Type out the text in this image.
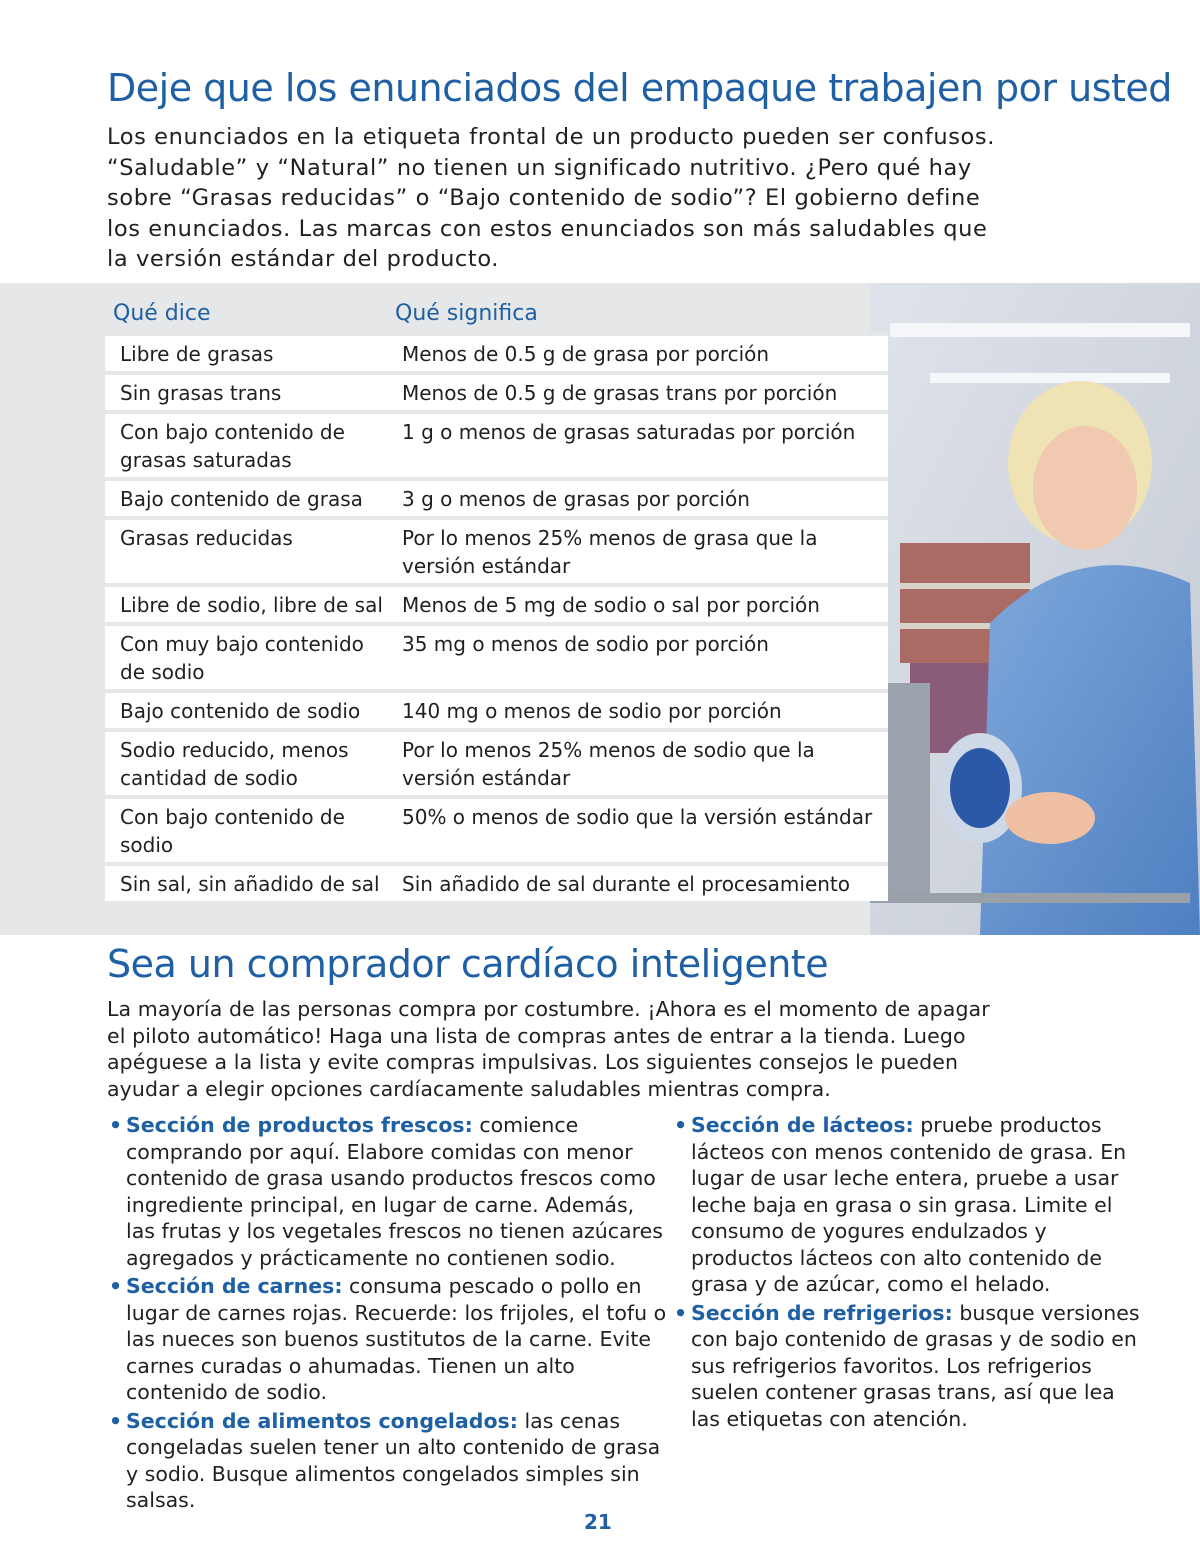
Deje que los enunciados del empaque trabajen por usted

Los enunciados en la etiqueta frontal de un producto pueden ser confusos. “Saludable” y “Natural” no tienen un significado nutritivo. ¿Pero qué hay sobre “Grasas reducidas” o “Bajo contenido de sodio”? El gobierno define los enunciados. Las marcas con estos enunciados son más saludables que la versión estándar del producto.

Qué dice	Qué significa
Libre de grasas	Menos de 0.5 g de grasa por porción
Sin grasas trans	Menos de 0.5 g de grasas trans por porción
Con bajo contenido de grasas saturadas	1 g o menos de grasas saturadas por porción
Bajo contenido de grasa	3 g o menos de grasas por porción
Grasas reducidas	Por lo menos 25% menos de grasa que la versión estándar
Libre de sodio, libre de sal	Menos de 5 mg de sodio o sal por porción
Con muy bajo contenido de sodio	35 mg o menos de sodio por porción
Bajo contenido de sodio	140 mg o menos de sodio por porción
Sodio reducido, menos cantidad de sodio	Por lo menos 25% menos de sodio que la versión estándar
Con bajo contenido de sodio	50% o menos de sodio que la versión estándar
Sin sal, sin añadido de sal	Sin añadido de sal durante el procesamiento
Sea un comprador cardíaco inteligente

La mayoría de las personas compra por costumbre. ¡Ahora es el momento de apagar el piloto automático! Haga una lista de compras antes de entrar a la tienda. Luego apéguese a la lista y evite compras impulsivas. Los siguientes consejos le pueden ayudar a elegir opciones cardíacamente saludables mientras compra.

• Sección de productos frescos: comience comprando por aquí. Elabore comidas con menor contenido de grasa usando productos frescos como ingrediente principal, en lugar de carne. Además, las frutas y los vegetales frescos no tienen azúcares agregados y prácticamente no contienen sodio.
• Sección de carnes: consuma pescado o pollo en lugar de carnes rojas. Recuerde: los frijoles, el tofu o las nueces son buenos sustitutos de la carne. Evite carnes curadas o ahumadas. Tienen un alto contenido de sodio.
• Sección de alimentos congelados: las cenas congeladas suelen tener un alto contenido de grasa y sodio. Busque alimentos congelados simples sin salsas.
• Sección de lácteos: pruebe productos lácteos con menos contenido de grasa. En lugar de usar leche entera, pruebe a usar leche baja en grasa o sin grasa. Limite el consumo de yogures endulzados y productos lácteos con alto contenido de grasa y de azúcar, como el helado.
• Sección de refrigerios: busque versiones con bajo contenido de grasas y de sodio en sus refrigerios favoritos. Los refrigerios suelen contener grasas trans, así que lea las etiquetas con atención.

21
